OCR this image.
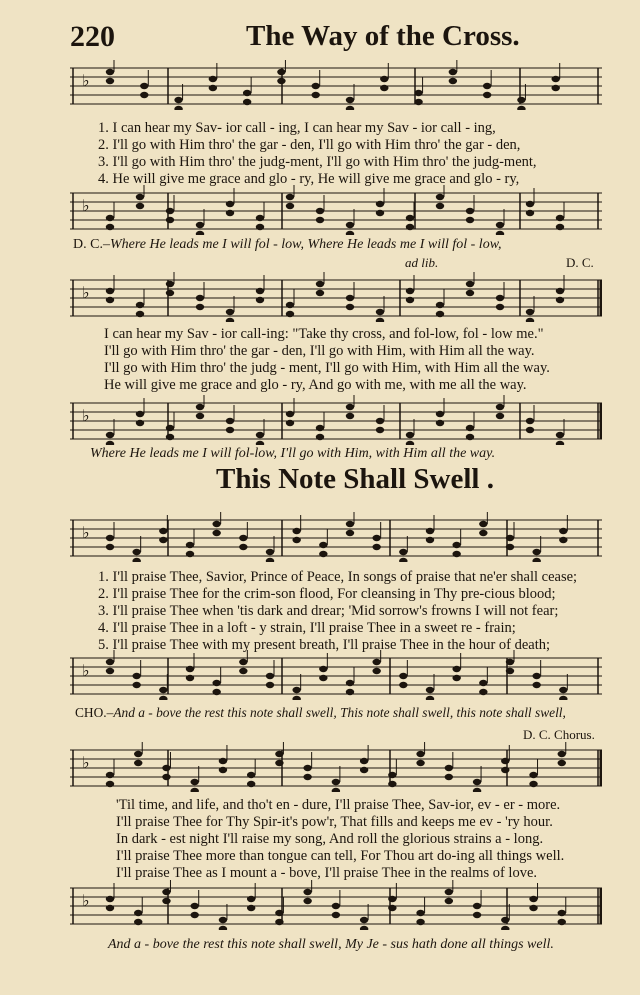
220	The Way of the Cross.
♭
1. I can hear my Sav- ior call - ing, I can hear my Sav - ior call - ing,
2. I'll go with Him thro' the gar - den, I'll go with Him thro' the gar - den,
3. I'll go with Him thro' the judg-ment, I'll go with Him thro' the judg-ment,
4. He will give me grace and glo - ry, He will give me grace and glo - ry,
♭
D. C.–Where He leads me I will fol - low, Where He leads me I will fol - low,
ad lib.	D. C.
♭
I can hear my Sav - ior call-ing: "Take thy cross, and fol-low, fol - low me."
I'll go with Him thro' the gar - den, I'll go with Him, with Him all the way.
I'll go with Him thro' the judg - ment, I'll go with Him, with Him all the way.
He will give me grace and glo - ry, And go with me, with me all the way.
♭
Where He leads me I will fol-low, I'll go with Him, with Him all the way.
This Note Shall Swell .
♭
1. I'll praise Thee, Savior, Prince of Peace, In songs of praise that ne'er shall cease;
2. I'll praise Thee for the crim-son flood, For cleansing in Thy pre-cious blood;
3. I'll praise Thee when 'tis dark and drear; 'Mid sorrow's frowns I will not fear;
4. I'll praise Thee in a loft - y strain, I'll praise Thee in a sweet re - frain;
5. I'll praise Thee with my present breath, I'll praise Thee in the hour of death;
♭
CHO.–And a - bove the rest this note shall swell, This note shall swell, this note shall swell,
D. C. Chorus.
♭
'Til time, and life, and tho't en - dure, I'll praise Thee, Sav-ior, ev - er - more.
I'll praise Thee for Thy Spir-it's pow'r, That fills and keeps me ev - 'ry hour.
In dark - est night I'll raise my song, And roll the glorious strains a - long.
I'll praise Thee more than tongue can tell, For Thou art do-ing all things well.
I'll praise Thee as I mount a - bove, I'll praise Thee in the realms of love.
♭
And a - bove the rest this note shall swell, My Je - sus hath done all things well.
